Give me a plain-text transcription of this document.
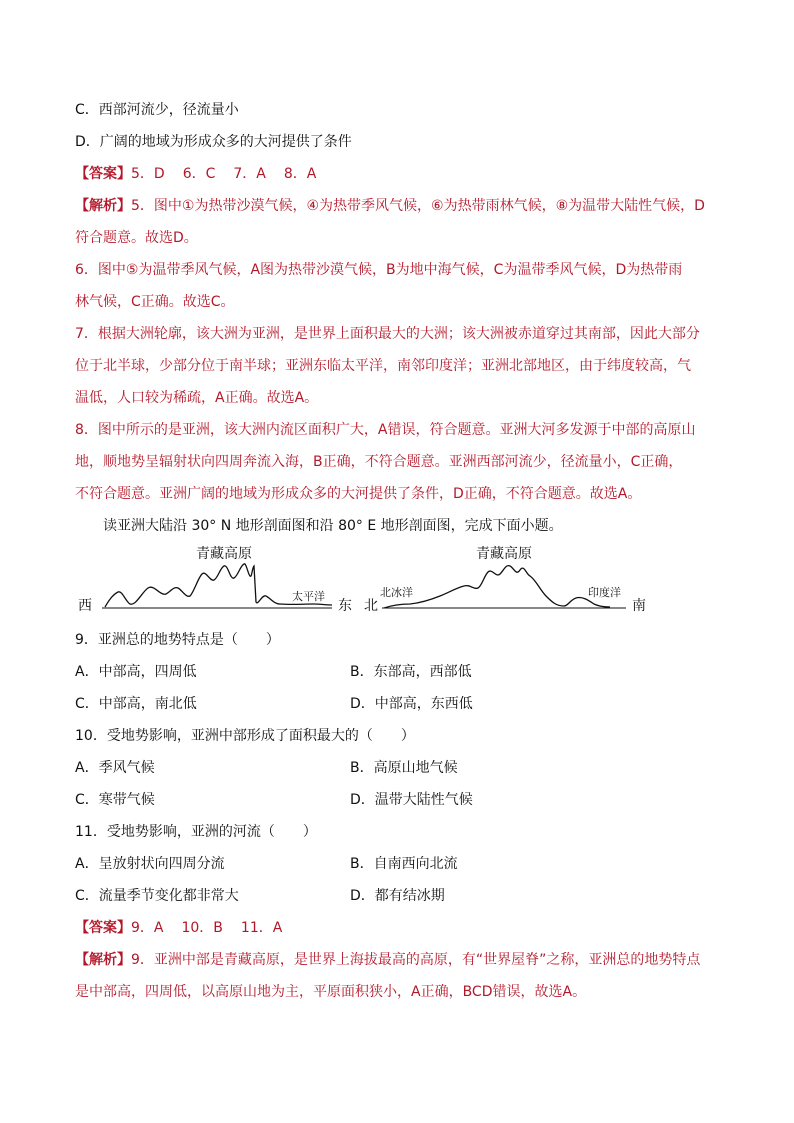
C．西部河流少，径流量小
D．广阔的地域为形成众多的大河提供了条件
【答案】5．D 6．C 7．A 8．A
【解析】5．图中①为热带沙漠气候，④为热带季风气候，⑥为热带雨林气候，⑧为温带大陆性气候，D
符合题意。故选D。
6．图中⑤为温带季风气候，A图为热带沙漠气候，B为地中海气候，C为温带季风气候，D为热带雨
林气候，C正确。故选C。
7．根据大洲轮廓，该大洲为亚洲，是世界上面积最大的大洲；该大洲被赤道穿过其南部，因此大部分
位于北半球，少部分位于南半球；亚洲东临太平洋，南邻印度洋；亚洲北部地区，由于纬度较高，气
温低，人口较为稀疏，A正确。故选A。
8．图中所示的是亚洲，该大洲内流区面积广大，A错误，符合题意。亚洲大河多发源于中部的高原山
地，顺地势呈辐射状向四周奔流入海，B正确，不符合题意。亚洲西部河流少，径流量小，C正确，
不符合题意。亚洲广阔的地域为形成众多的大河提供了条件，D正确，不符合题意。故选A。
读亚洲大陆沿 30° N 地形剖面图和沿 80° E 地形剖面图，完成下面小题。
西
青藏高原
太平洋
东 北
青藏高原
北冰洋	印度洋
南
9．亚洲总的地势特点是（　　）
A．中部高，四周低	B．东部高，西部低
C．中部高，南北低	D．中部高，东西低
10．受地势影响，亚洲中部形成了面积最大的（　　）
A．季风气候	B．高原山地气候
C．寒带气候	D．温带大陆性气候
11．受地势影响，亚洲的河流（　　）
A．呈放射状向四周分流	B．自南西向北流
C．流量季节变化都非常大	D．都有结冰期
【答案】9．A 10．B 11．A
【解析】9．亚洲中部是青藏高原，是世界上海拔最高的高原，有“世界屋脊”之称，亚洲总的地势特点
是中部高，四周低，以高原山地为主，平原面积狭小，A正确，BCD错误，故选A。
